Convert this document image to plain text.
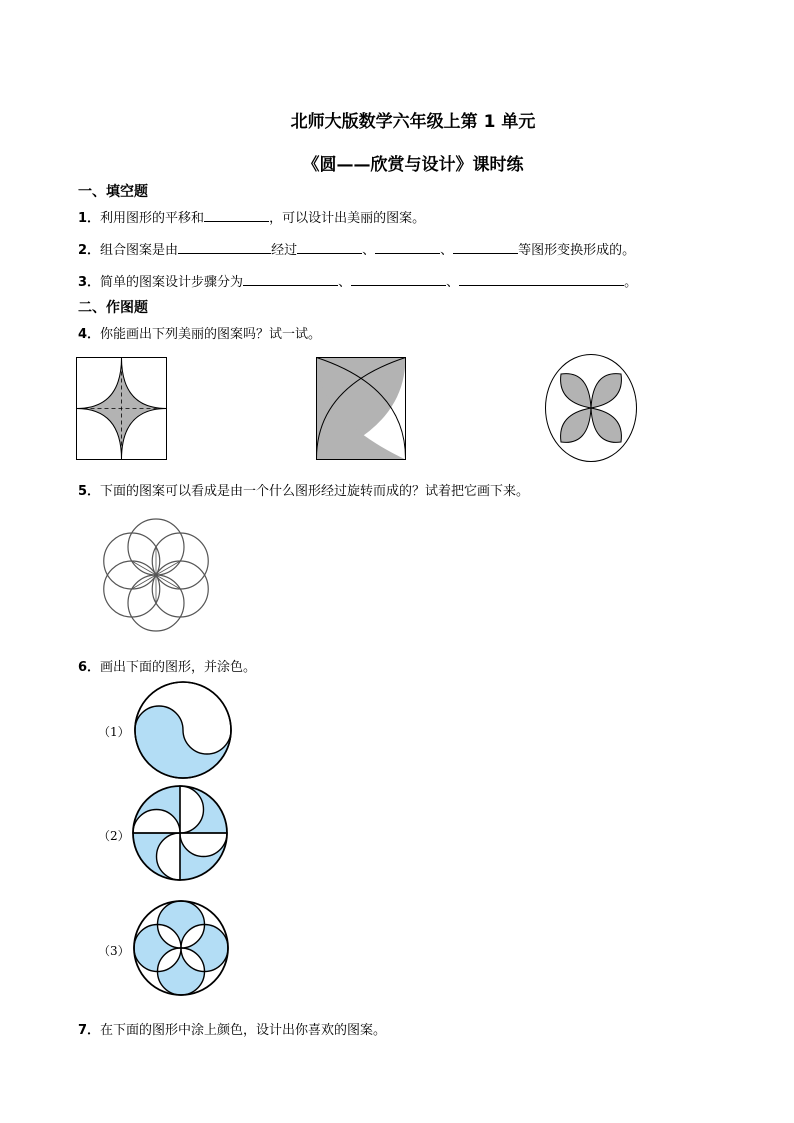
北师大版数学六年级上第 1 单元
《圆——欣赏与设计》课时练
一、填空题
1．利用图形的平移和	，可以设计出美丽的图案。
2．组合图案是由	经过	、	、	等图形变换形成的。
3．简单的图案设计步骤分为	、	、	。
二、作图题
4．你能画出下列美丽的图案吗？试一试。
5．下面的图案可以看成是由一个什么图形经过旋转而成的？试着把它画下来。
6．画出下面的图形，并涂色。
（1）
（2）
（3）
7．在下面的图形中涂上颜色，设计出你喜欢的图案。
